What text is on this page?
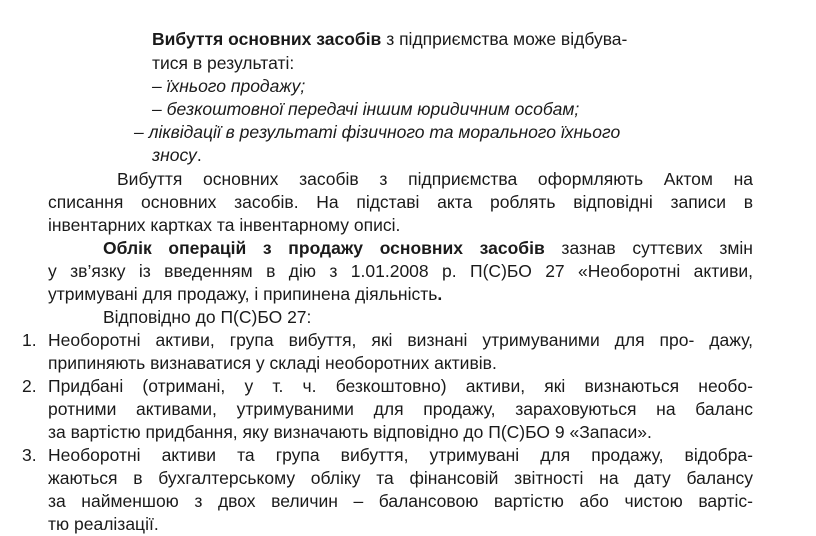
Вибуття основних засобів з підприємства може відбува-
тися в результаті:
– їхнього продажу;
– безкоштовної передачі іншим юридичним особам;
– ліквідації в результаті фізичного та морального їхнього
зносу.
Вибуття основних засобів з підприємства оформляють Актом на
списання основних засобів. На підставі акта роблять відповідні записи в
інвентарних картках та інвентарному описі.
Облік операцій з продажу основних засобів зазнав суттєвих змін
у зв’язку із введенням в дію з 1.01.2008 р. П(С)БО 27 «Необоротні активи,
утримувані для продажу, і припинена діяльність.
Відповідно до П(С)БО 27:
1. Необоротні активи, група вибуття, які визнані утримуваними для про- дажу,
припиняють визнаватися у складі необоротних активів.
2. Придбані (отримані, у т. ч. безкоштовно) активи, які визнаються необо-
ротними активами, утримуваними для продажу, зараховуються на баланс
за вартістю придбання, яку визначають відповідно до П(С)БО 9 «Запаси».
3. Необоротні активи та група вибуття, утримувані для продажу, відобра-
жаються в бухгалтерському обліку та фінансовій звітності на дату балансу
за найменшою з двох величин – балансовою вартістю або чистою вартіс-
тю реалізації.
